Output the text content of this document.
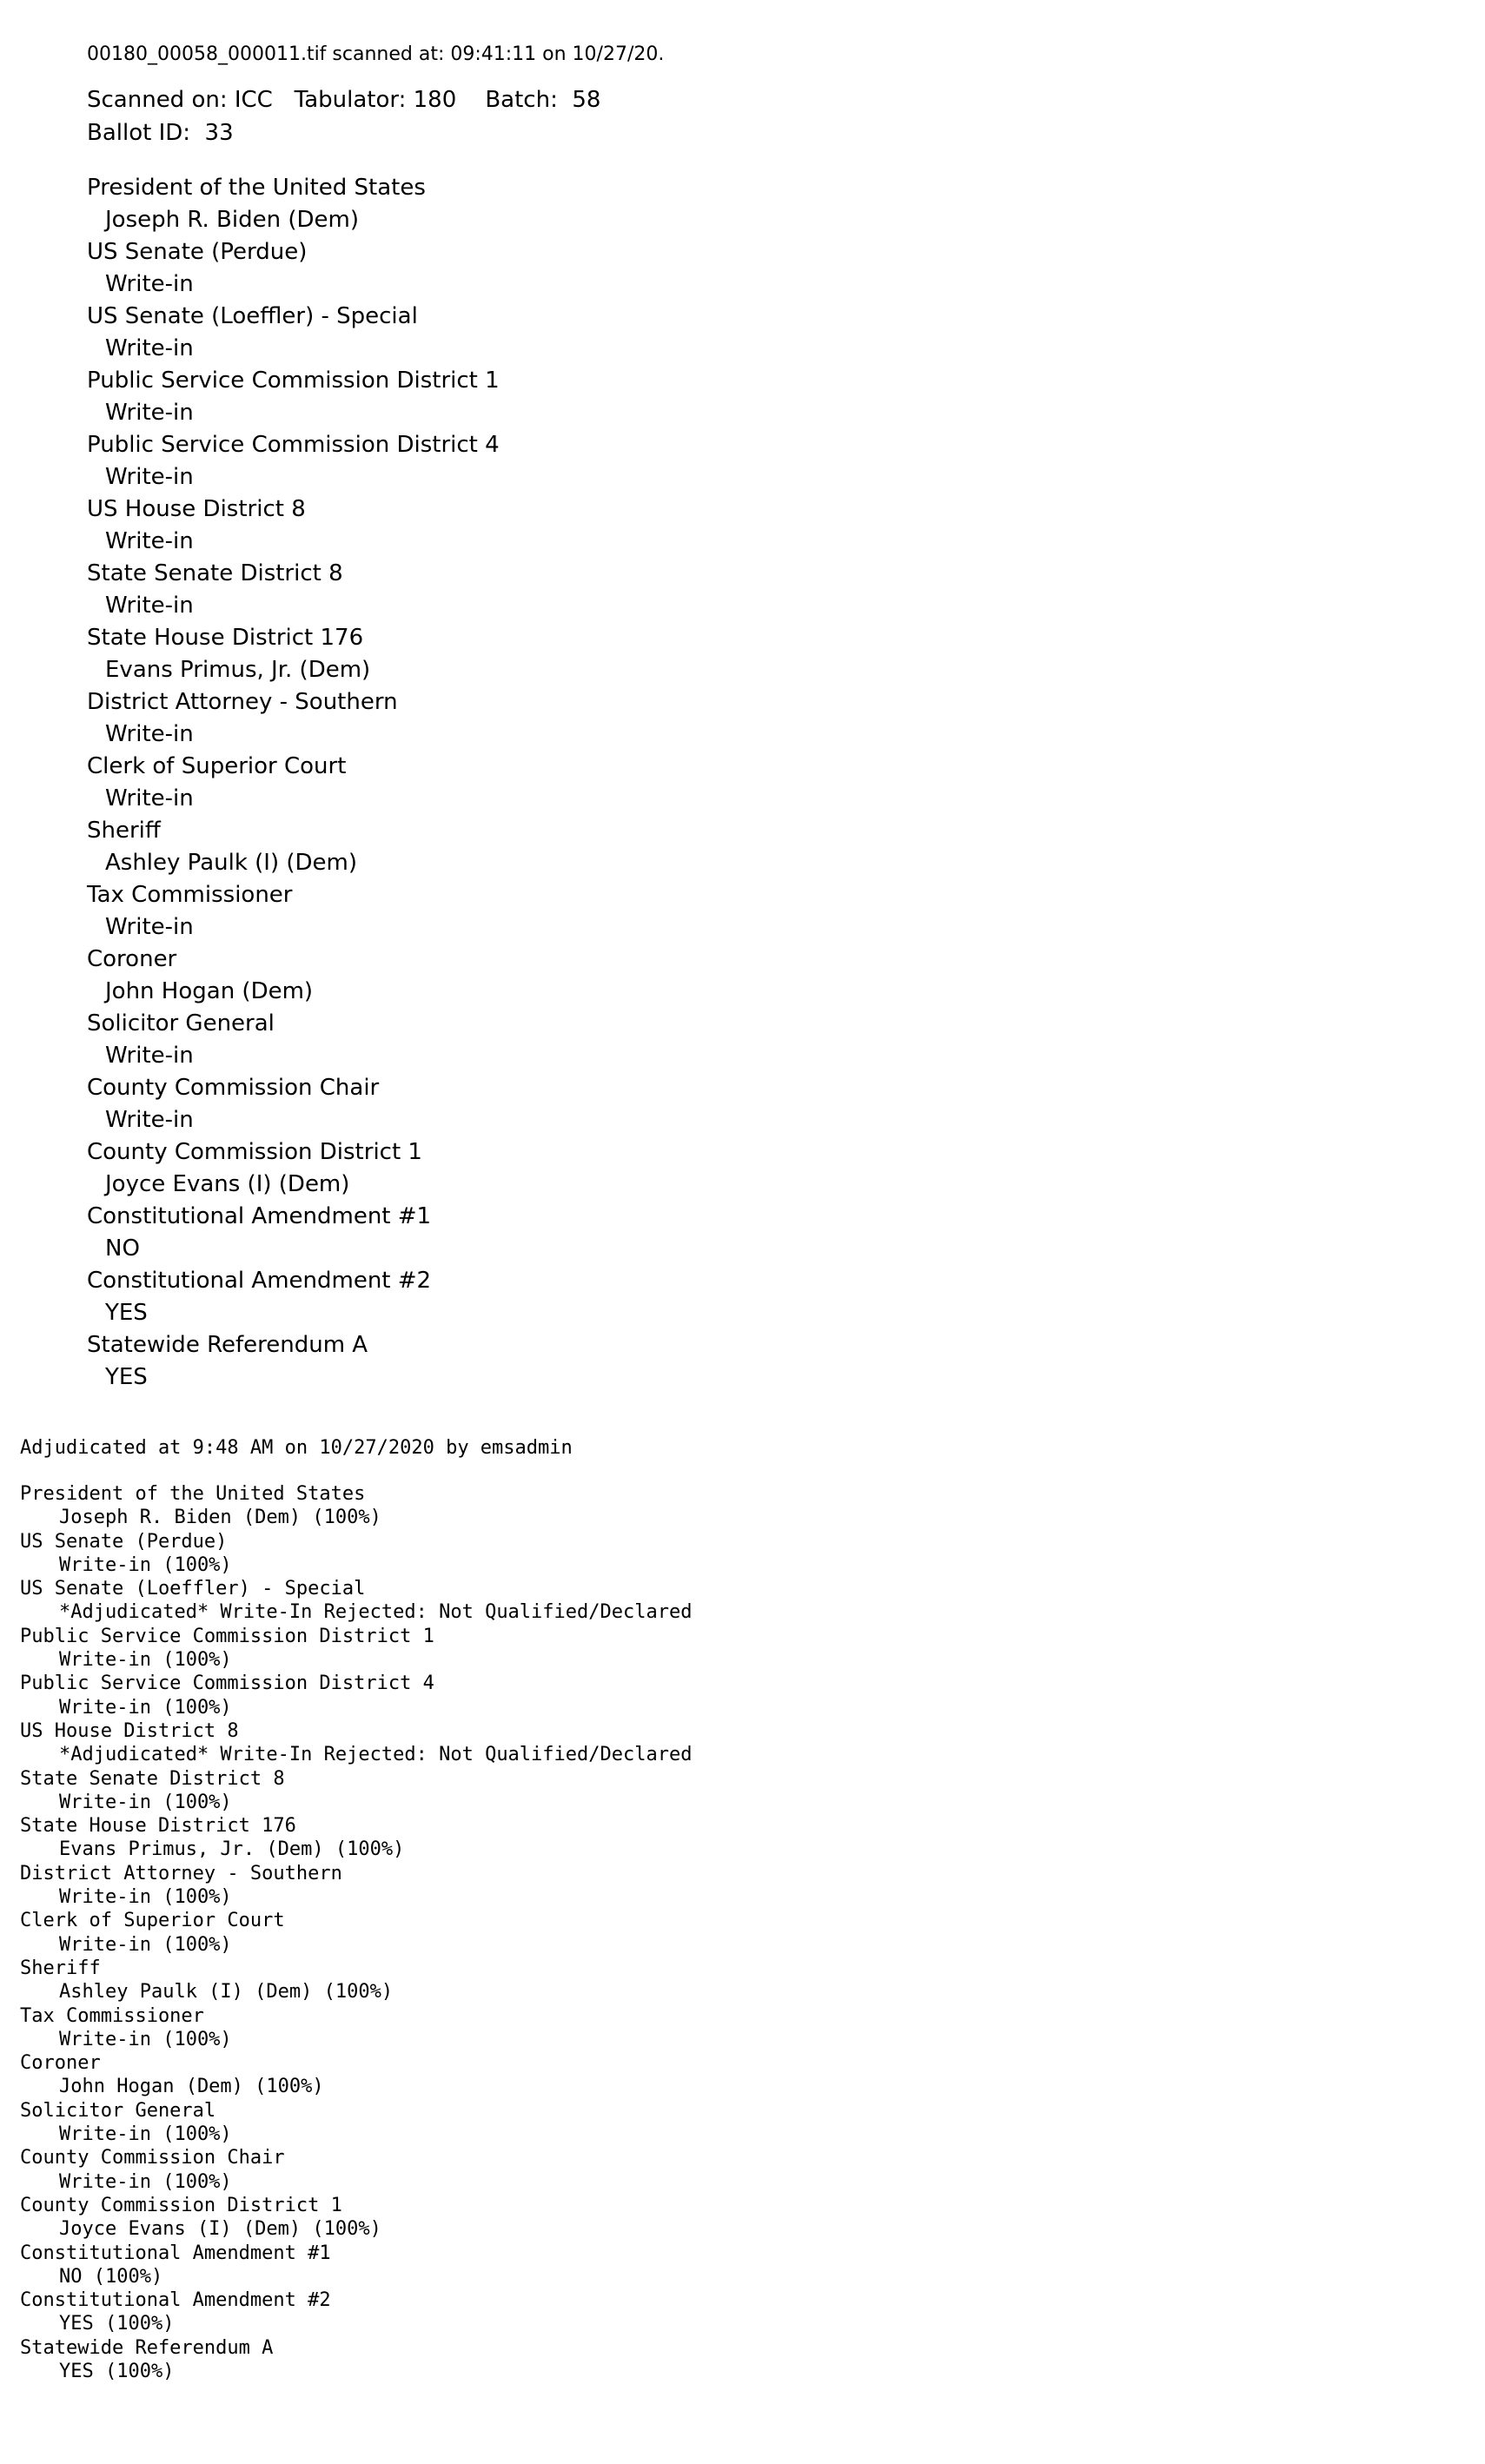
00180_00058_000011.tif scanned at: 09:41:11 on 10/27/20.
Scanned on: ICC   Tabulator: 180    Batch:  58
Ballot ID:  33
President of the United States
Joseph R. Biden (Dem)
US Senate (Perdue)
Write-in
US Senate (Loeffler) - Special
Write-in
Public Service Commission District 1
Write-in
Public Service Commission District 4
Write-in
US House District 8
Write-in
State Senate District 8
Write-in
State House District 176
Evans Primus, Jr. (Dem)
District Attorney - Southern
Write-in
Clerk of Superior Court
Write-in
Sheriff
Ashley Paulk (I) (Dem)
Tax Commissioner
Write-in
Coroner
John Hogan (Dem)
Solicitor General
Write-in
County Commission Chair
Write-in
County Commission District 1
Joyce Evans (I) (Dem)
Constitutional Amendment #1
NO
Constitutional Amendment #2
YES
Statewide Referendum A
YES
Adjudicated at 9:48 AM on 10/27/2020 by emsadmin
President of the United States
Joseph R. Biden (Dem) (100%)
US Senate (Perdue)
Write-in (100%)
US Senate (Loeffler) - Special
*Adjudicated* Write-In Rejected: Not Qualified/Declared
Public Service Commission District 1
Write-in (100%)
Public Service Commission District 4
Write-in (100%)
US House District 8
*Adjudicated* Write-In Rejected: Not Qualified/Declared
State Senate District 8
Write-in (100%)
State House District 176
Evans Primus, Jr. (Dem) (100%)
District Attorney - Southern
Write-in (100%)
Clerk of Superior Court
Write-in (100%)
Sheriff
Ashley Paulk (I) (Dem) (100%)
Tax Commissioner
Write-in (100%)
Coroner
John Hogan (Dem) (100%)
Solicitor General
Write-in (100%)
County Commission Chair
Write-in (100%)
County Commission District 1
Joyce Evans (I) (Dem) (100%)
Constitutional Amendment #1
NO (100%)
Constitutional Amendment #2
YES (100%)
Statewide Referendum A
YES (100%)
